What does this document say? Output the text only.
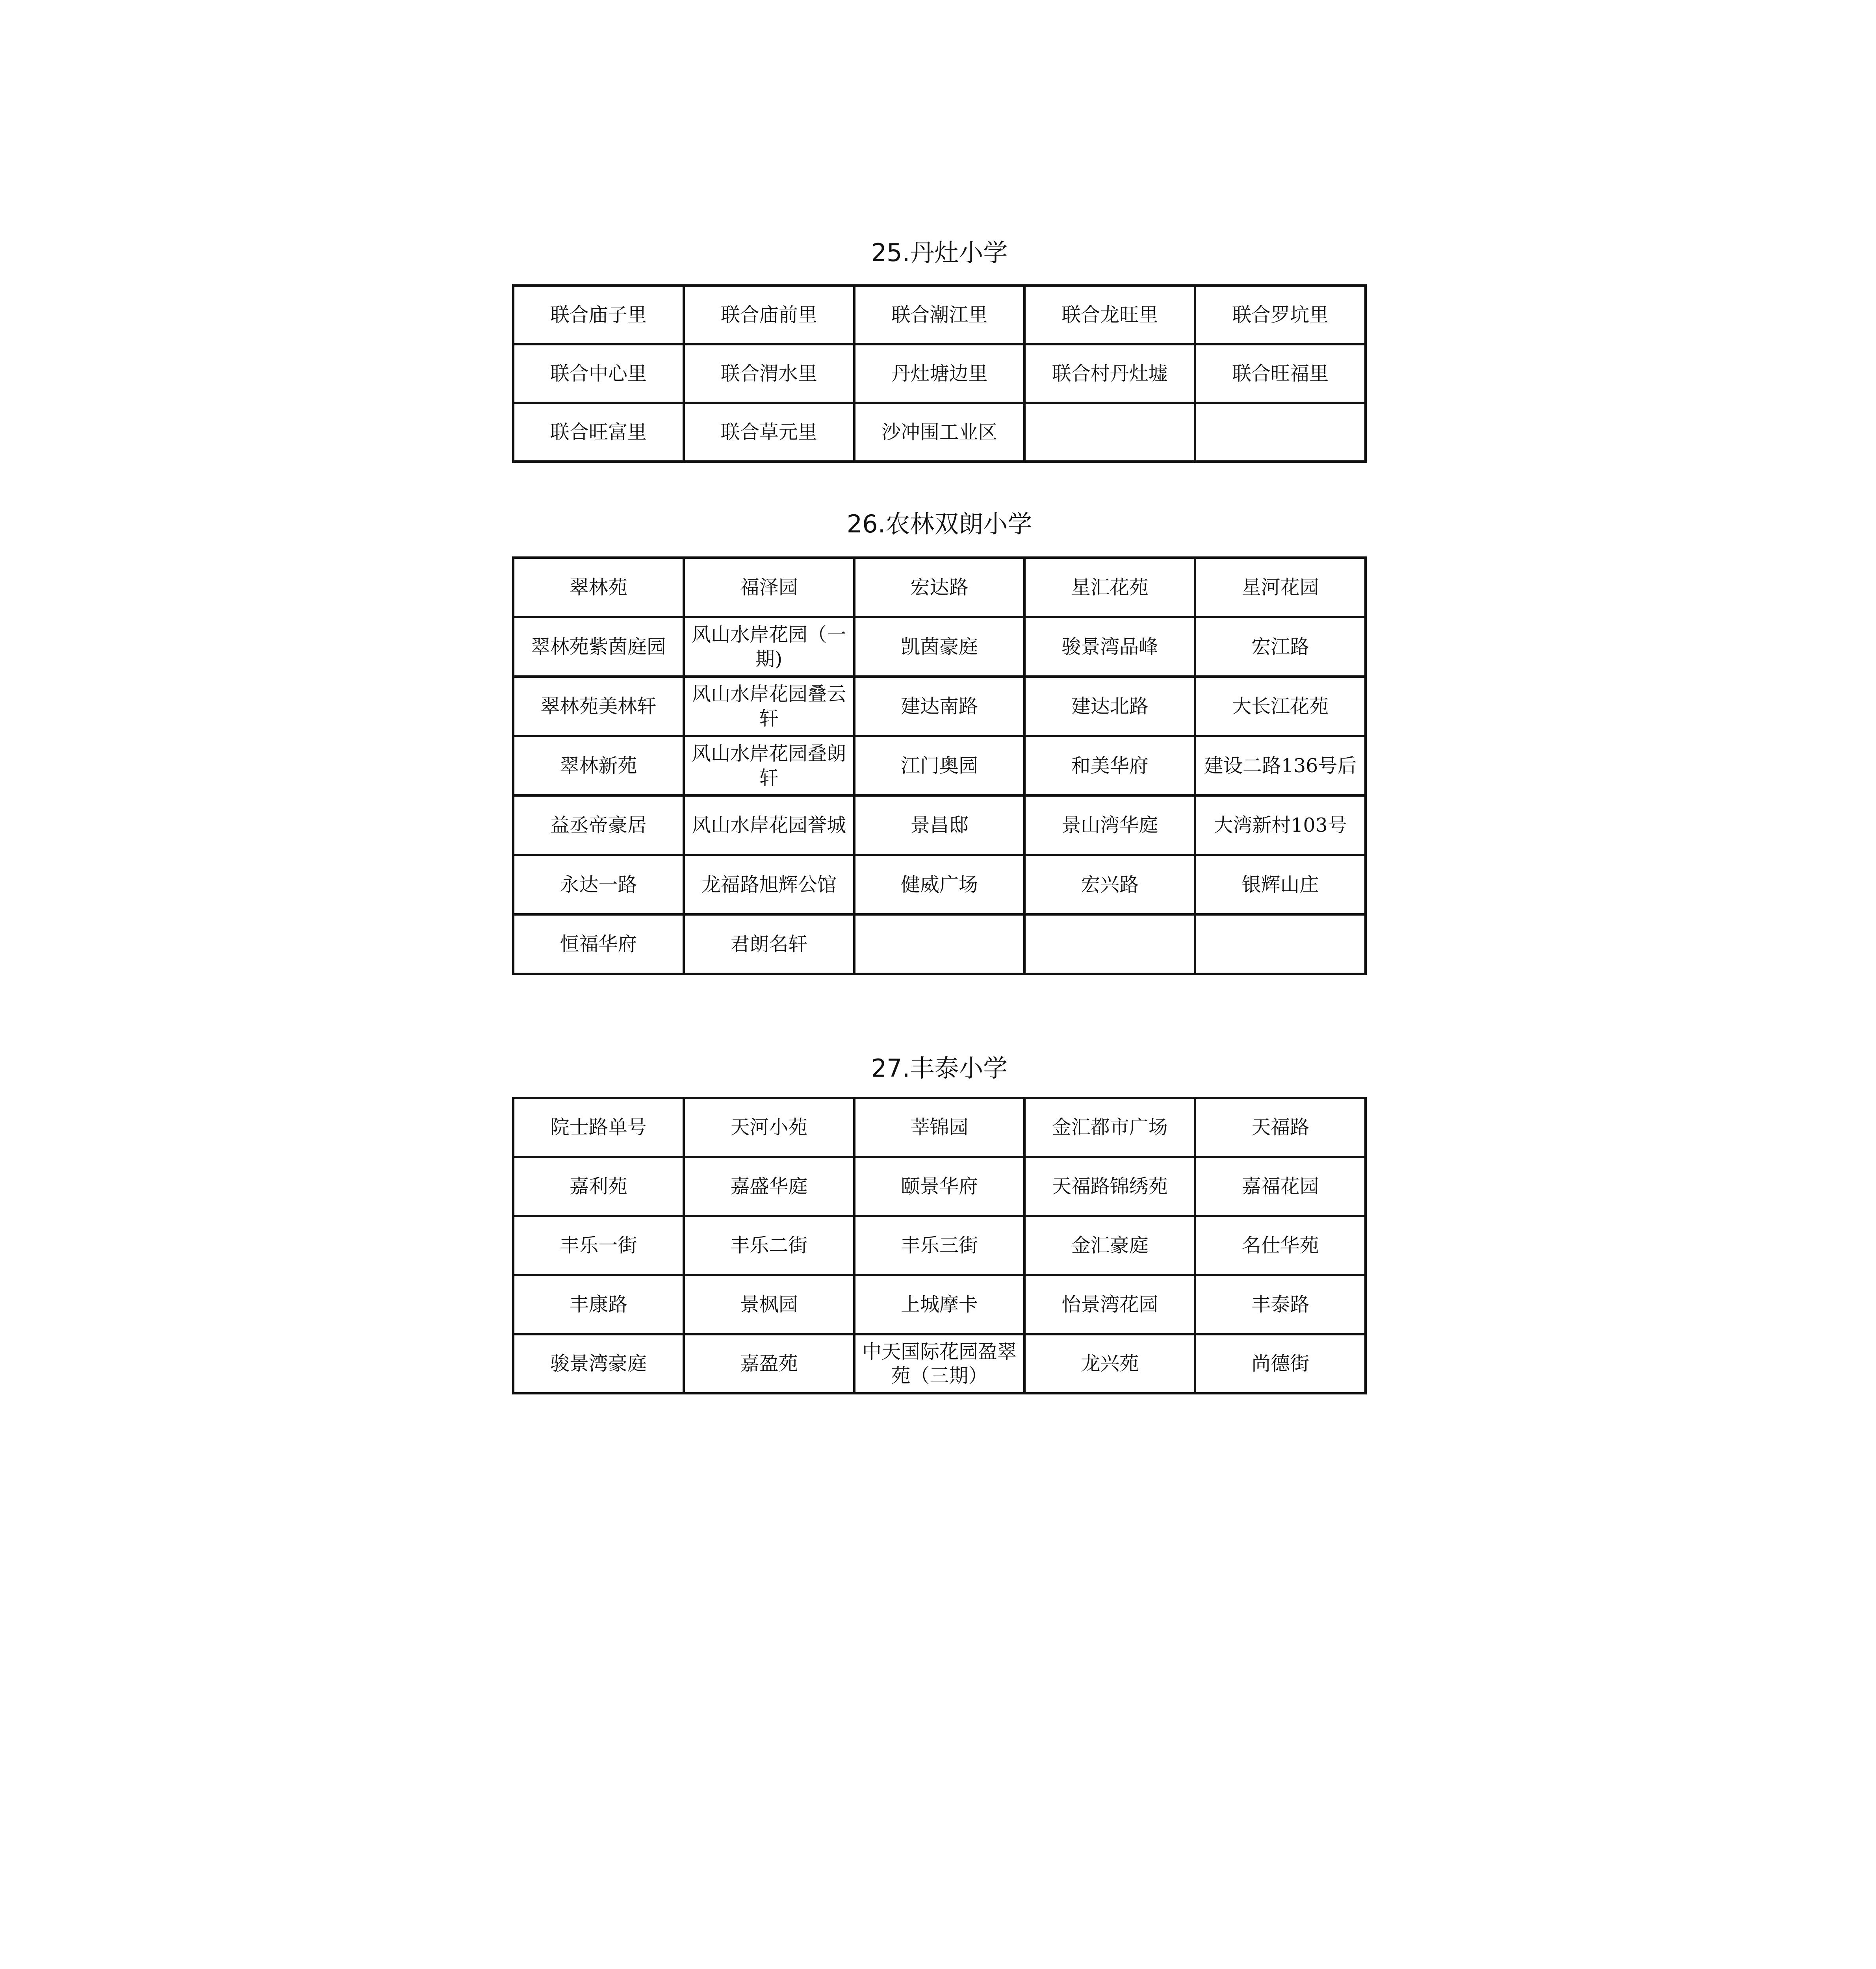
25.丹灶小学
联合庙子里	联合庙前里	联合潮江里	联合龙旺里	联合罗坑里
联合中心里	联合渭水里	丹灶塘边里	联合村丹灶墟	联合旺福里
联合旺富里	联合草元里	沙冲围工业区		
26.农林双朗小学
翠林苑	福泽园	宏达路	星汇花苑	星河花园
翠林苑紫茵庭园	风山水岸花园（一期)	凯茵豪庭	骏景湾品峰	宏江路
翠林苑美林轩	风山水岸花园叠云轩	建达南路	建达北路	大长江花苑
翠林新苑	风山水岸花园叠朗轩	江门奥园	和美华府	建设二路136号后
益丞帝豪居	风山水岸花园誉城	景昌邸	景山湾华庭	大湾新村103号
永达一路	龙福路旭辉公馆	健威广场	宏兴路	银辉山庄
恒福华府	君朗名轩			
27.丰泰小学
院士路单号	天河小苑	莘锦园	金汇都市广场	天福路
嘉利苑	嘉盛华庭	颐景华府	天福路锦绣苑	嘉福花园
丰乐一街	丰乐二街	丰乐三街	金汇豪庭	名仕华苑
丰康路	景枫园	上城摩卡	怡景湾花园	丰泰路
骏景湾豪庭	嘉盈苑	中天国际花园盈翠苑（三期）	龙兴苑	尚德街
